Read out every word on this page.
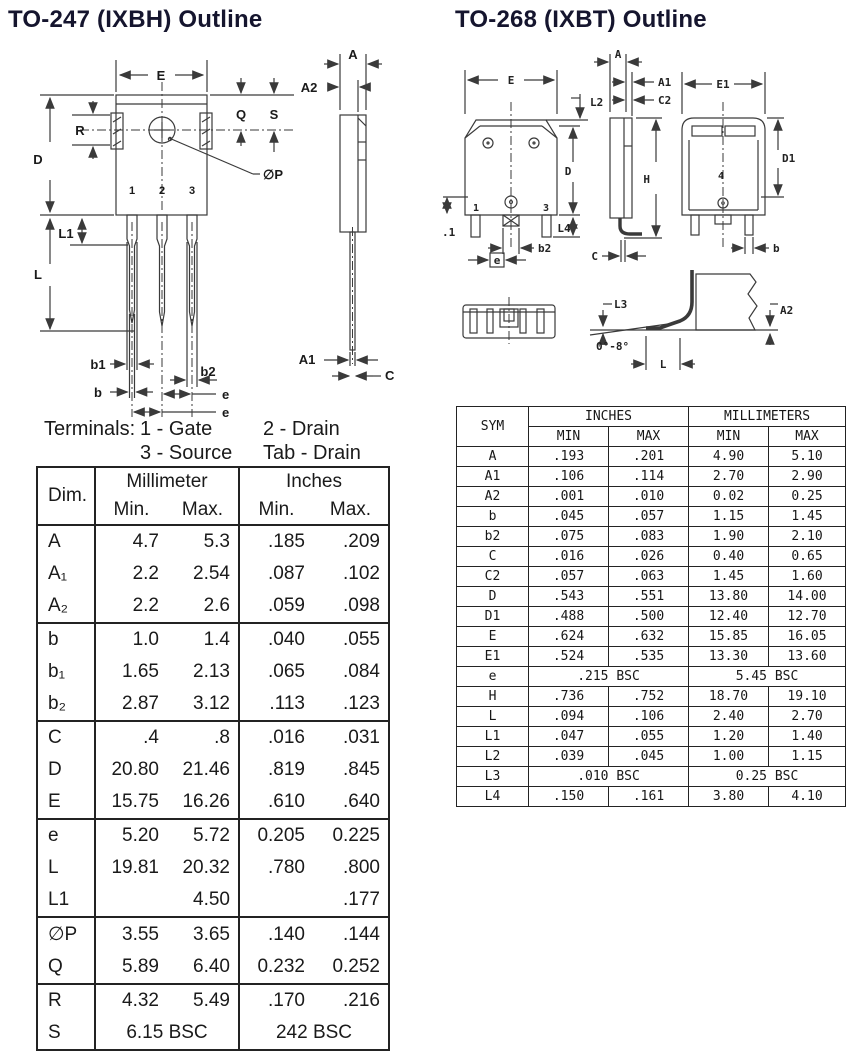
TO-247 (IXBH) Outline	TO-268 (IXBT) Outline
E
D
R
L1
L
Q S
∅P
b1
b
b2
e
e
1 2 3
A
A2
A1
C
E
L2
D
L4
b2
e
.1
1	3
A
A1
C2
H
C
E1
D1
b
4
L3
0°-8°
L
A2
Terminals: 1 - Gate	2 - Drain
3 - Source Tab - Drain
Dim.	Millimeter		Inches	
	Min.	Max.	Min.	Max.
A	4.7	5.3	.185	.209
A₁	2.2	2.54	.087	.102
A₂	2.2	2.6	.059	.098
b	1.0	1.4	.040	.055
b₁	1.65	2.13	.065	.084
b₂	2.87	3.12	.113	.123
C	.4	.8	.016	.031
D	20.80	21.46	.819	.845
E	15.75	16.26	.610	.640
e	5.20	5.72	0.205	0.225
L	19.81	20.32	.780	.800
L1		4.50		.177
∅P	3.55	3.65	.140	.144
Q	5.89	6.40	0.232	0.252
R	4.32	5.49	.170	.216
S	6.15 BSC		242 BSC	
SYM	INCHES		MILLIMETERS	
	MIN	MAX	MIN	MAX
A	.193	.201	4.90	5.10
A1	.106	.114	2.70	2.90
A2	.001	.010	0.02	0.25
b	.045	.057	1.15	1.45
b2	.075	.083	1.90	2.10
C	.016	.026	0.40	0.65
C2	.057	.063	1.45	1.60
D	.543	.551	13.80	14.00
D1	.488	.500	12.40	12.70
E	.624	.632	15.85	16.05
E1	.524	.535	13.30	13.60
e	.215 BSC		5.45 BSC	
H	.736	.752	18.70	19.10
L	.094	.106	2.40	2.70
L1	.047	.055	1.20	1.40
L2	.039	.045	1.00	1.15
L3	.010 BSC		0.25 BSC	
L4	.150	.161	3.80	4.10
